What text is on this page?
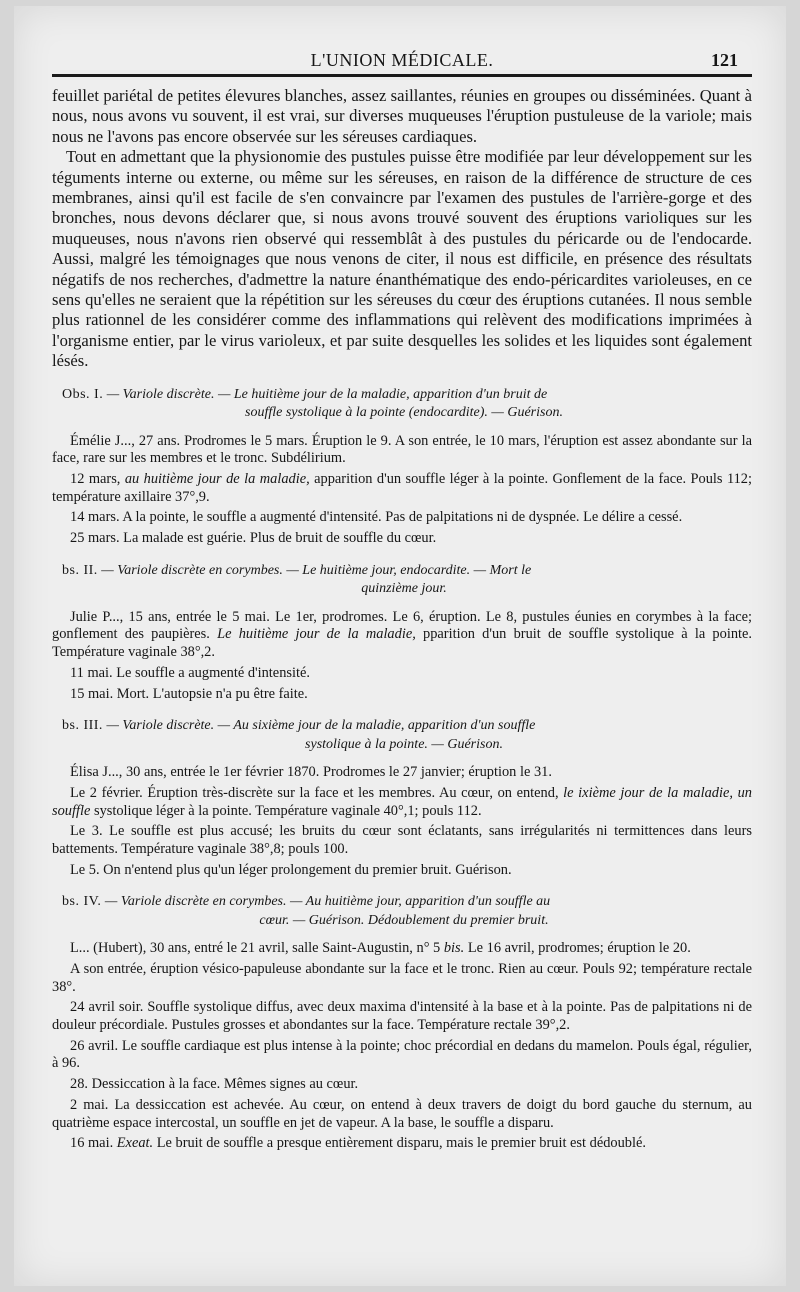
L'UNION MÉDICALE.	121

feuillet pariétal de petites élevures blanches, assez saillantes, réunies en groupes ou disséminées. Quant à nous, nous avons vu souvent, il est vrai, sur diverses muqueuses l'éruption pustuleuse de la variole; mais nous ne l'avons pas encore observée sur les séreuses cardiaques.

Tout en admettant que la physionomie des pustules puisse être modifiée par leur développement sur les téguments interne ou externe, ou même sur les séreuses, en raison de la différence de structure de ces membranes, ainsi qu'il est facile de s'en convaincre par l'examen des pustules de l'arrière-gorge et des bronches, nous devons déclarer que, si nous avons trouvé souvent des éruptions varioliques sur les muqueuses, nous n'avons rien observé qui ressemblât à des pustules du péricarde ou de l'endocarde. Aussi, malgré les témoignages que nous venons de citer, il nous est difficile, en présence des résultats négatifs de nos recherches, d'admettre la nature énanthématique des endo-péricardites varioleuses, en ce sens qu'elles ne seraient que la répétition sur les séreuses du cœur des éruptions cutanées. Il nous semble plus rationnel de les considérer comme des inflammations qui relèvent des modifications imprimées à l'organisme entier, par le virus varioleux, et par suite desquelles les solides et les liquides sont également lésés.

Obs. I. — Variole discrète. — Le huitième jour de la maladie, apparition d'un bruit de
souffle systolique à la pointe (endocardite). — Guérison.

Émélie J..., 27 ans. Prodromes le 5 mars. Éruption le 9. A son entrée, le 10 mars, l'éruption est assez abondante sur la face, rare sur les membres et le tronc. Subdélirium.

12 mars, au huitième jour de la maladie, apparition d'un souffle léger à la pointe. Gonflement de la face. Pouls 112; température axillaire 37°,9.

14 mars. A la pointe, le souffle a augmenté d'intensité. Pas de palpitations ni de dyspnée. Le délire a cessé.

25 mars. La malade est guérie. Plus de bruit de souffle du cœur.

bs. II. — Variole discrète en corymbes. — Le huitième jour, endocardite. — Mort le
quinzième jour.

Julie P..., 15 ans, entrée le 5 mai. Le 1er, prodromes. Le 6, éruption. Le 8, pustules éunies en corymbes à la face; gonflement des paupières. Le huitième jour de la maladie, ppariti​on d'un bruit de souffle systolique à la pointe. Température vaginale 38°,2.

11 mai. Le souffle a augmenté d'intensité.

15 mai. Mort. L'autopsie n'a pu être faite.

bs. III. — Variole discrète. — Au sixième jour de la maladie, apparition d'un souffle
systolique à la pointe. — Guérison.

Élisa J..., 30 ans, entrée le 1er février 1870. Prodromes le 27 janvier; éruption le 31.

Le 2 février. Éruption très-discrète sur la face et les membres. Au cœur, on entend, le ixième jour de la maladie, un souffle systolique léger à la pointe. Température vaginale 40°,1; pouls 112.

Le 3. Le souffle est plus accusé; les bruits du cœur sont éclatants, sans irrégularités ni termittences dans leurs battements. Température vaginale 38°,8; pouls 100.

Le 5. On n'entend plus qu'un léger prolongement du premier bruit. Guérison.

bs. IV. — Variole discrète en corymbes. — Au huitième jour, apparition d'un souffle au
cœur. — Guérison. Dédoublement du premier bruit.

L... (Hubert), 30 ans, entré le 21 avril, salle Saint-Augustin, n° 5 bis. Le 16 avril, prodromes; éruption le 20.

A son entrée, éruption vésico-papuleuse abondante sur la face et le tronc. Rien au cœur. Pouls 92; température rectale 38°.

24 avril soir. Souffle systolique diffus, avec deux maxima d'intensité à la base et à la pointe. Pas de palpitations ni de douleur précordiale. Pustules grosses et abondantes sur la face. Température rectale 39°,2.

26 avril. Le souffle cardiaque est plus intense à la pointe; choc précordial en dedans du mamelon. Pouls égal, régulier, à 96.

28. Dessiccation à la face. Mêmes signes au cœur.

2 mai. La dessiccation est achevée. Au cœur, on entend à deux travers de doigt du bord gauche du sternum, au quatrième espace intercostal, un souffle en jet de vapeur. A la base, le souffle a disparu.

16 mai. Exeat. Le bruit de souffle a presque entièrement disparu, mais le premier bruit est dédoublé.
